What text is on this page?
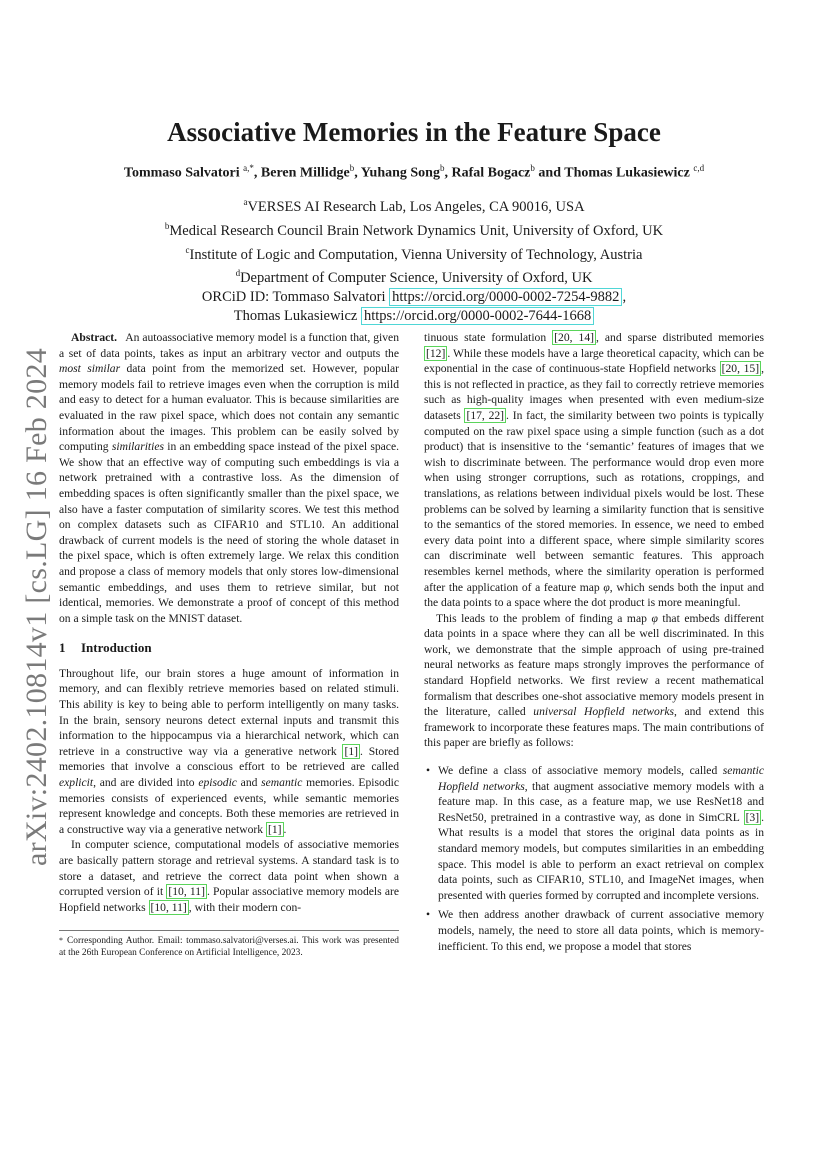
arXiv:2402.10814v1 [cs.LG] 16 Feb 2024
Associative Memories in the Feature Space
Tommaso Salvatori $^{a,*}$, Beren Millidge$^b$, Yuhang Song$^b$, Rafal Bogacz$^b$ and Thomas Lukasiewicz $^{c,d}$
$^a$VERSES AI Research Lab, Los Angeles, CA 90016, USA
$^b$Medical Research Council Brain Network Dynamics Unit, University of Oxford, UK
$^c$Institute of Logic and Computation, Vienna University of Technology, Austria
$^d$Department of Computer Science, University of Oxford, UK
ORCiD ID: Tommaso Salvatori https://orcid.org/0000-0002-7254-9882 ,
Thomas Lukasiewicz https://orcid.org/0000-0002-7644-1668

Abstract. An autoassociative memory model is a function that, given a set of data points, takes as input an arbitrary vector and outputs the most similar data point from the memorized set. However, popular memory models fail to retrieve images even when the corruption is mild and easy to detect for a human evaluator. This is because similarities are evaluated in the raw pixel space, which does not contain any semantic information about the images. This problem can be easily solved by computing similarities in an embedding space instead of the pixel space. We show that an effective way of computing such embeddings is via a network pretrained with a contrastive loss. As the dimension of embedding spaces is often significantly smaller than the pixel space, we also have a faster computation of similarity scores. We test this method on complex datasets such as CIFAR10 and STL10. An additional drawback of current models is the need of storing the whole dataset in the pixel space, which is often extremely large. We relax this condition and propose a class of memory models that only stores low-dimensional semantic embeddings, and uses them to retrieve similar, but not identical, memories. We demonstrate a proof of concept of this method on a simple task on the MNIST dataset.

1 Introduction

Throughout life, our brain stores a huge amount of information in memory, and can flexibly retrieve memories based on related stimuli. This ability is key to being able to perform intelligently on many tasks. In the brain, sensory neurons detect external inputs and transmit this information to the hippocampus via a hierarchical network, which can retrieve in a constructive way via a generative network [1] . Stored memories that involve a conscious effort to be retrieved are called explicit, and are divided into episodic and semantic memories. Episodic memories consists of experienced events, while semantic memories represent knowledge and concepts. Both these memories are retrieved in a constructive way via a generative network [1] .

In computer science, computational models of associative memories are basically pattern storage and retrieval systems. A standard task is to store a dataset, and retrieve the correct data point when shown a corrupted version of it [10, 11] . Popular associative memory models are Hopfield networks [10, 11] , with their modern con-

* Corresponding Author. Email: tommaso.salvatori@verses.ai. This work was presented at the 26th European Conference on Artificial Intelligence, 2023.

tinuous state formulation [20, 14] , and sparse distributed memories [12] . While these models have a large theoretical capacity, which can be exponential in the case of continuous-state Hopfield networks [20, 15] , this is not reflected in practice, as they fail to correctly retrieve memories such as high-quality images when presented with even medium-size datasets [17, 22] . In fact, the similarity between two points is typically computed on the raw pixel space using a simple function (such as a dot product) that is insensitive to the ‘semantic’ features of images that we wish to discriminate between. The performance would drop even more when using stronger corruptions, such as rotations, croppings, and translations, as relations between individual pixels would be lost. These problems can be solved by learning a similarity function that is sensitive to the semantics of the stored memories. In essence, we need to embed every data point into a different space, where simple similarity scores can discriminate well between semantic features. This approach resembles kernel methods, where the similarity operation is performed after the application of a feature map φ, which sends both the input and the data points to a space where the dot product is more meaningful.

This leads to the problem of finding a map φ that embeds different data points in a space where they can all be well discriminated. In this work, we demonstrate that the simple approach of using pre-trained neural networks as feature maps strongly improves the performance of standard Hopfield networks. We first review a recent mathematical formalism that describes one-shot associative memory models present in the literature, called universal Hopfield networks, and extend this framework to incorporate these features maps. The main contributions of this paper are briefly as follows:

• We define a class of associative memory models, called semantic Hopfield networks, that augment associative memory models with a feature map. In this case, as a feature map, we use ResNet18 and ResNet50, pretrained in a contrastive way, as done in SimCRL [3] . What results is a model that stores the original data points as in standard memory models, but computes similarities in an embedding space. This model is able to perform an exact retrieval on complex data points, such as CIFAR10, STL10, and ImageNet images, when presented with queries formed by corrupted and incomplete versions.
• We then address another drawback of current associative memory models, namely, the need to store all data points, which is memory-inefficient. To this end, we propose a model that stores
